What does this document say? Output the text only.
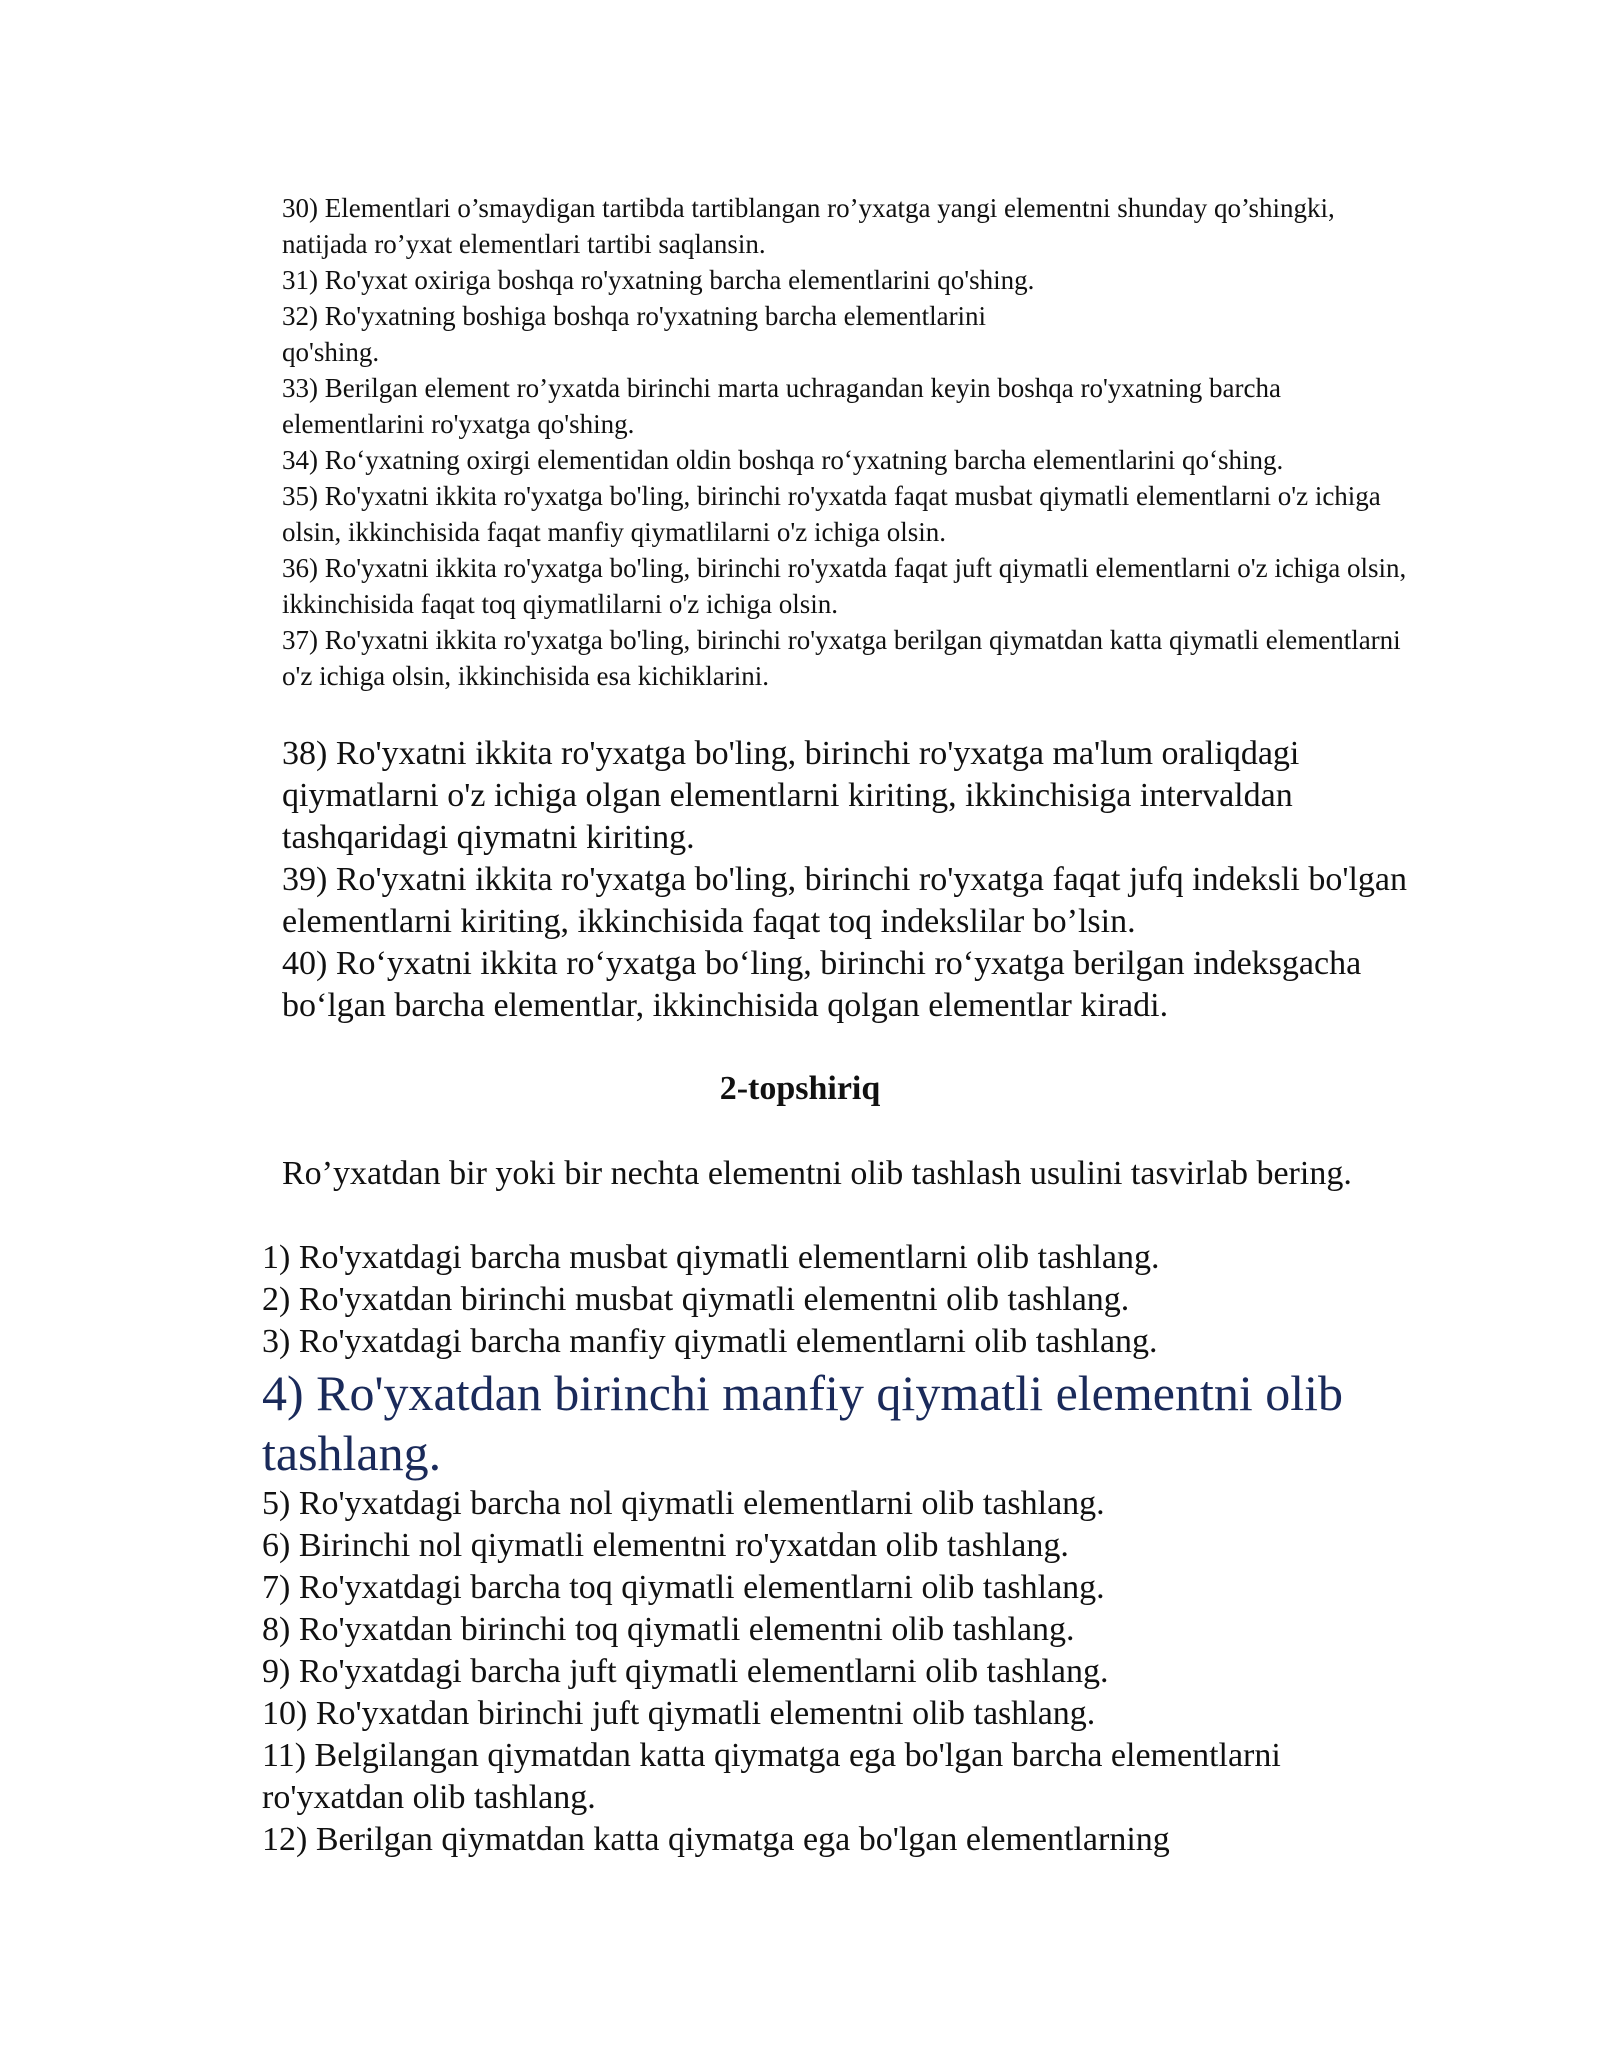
30) Elementlari o’smaydigan tartibda tartiblangan ro’yxatga yangi elementni shunday qo’shingki, natijada ro’yxat elementlari tartibi saqlansin.

31) Ro'yxat oxiriga boshqa ro'yxatning barcha elementlarini qo'shing.

32) Ro'yxatning boshiga boshqa ro'yxatning barcha elementlarini

qo'shing.

33) Berilgan element ro’yxatda birinchi marta uchragandan keyin boshqa ro'yxatning barcha elementlarini ro'yxatga qo'shing.

34) Ro‘yxatning oxirgi elementidan oldin boshqa ro‘yxatning barcha elementlarini qo‘shing.

35) Ro'yxatni ikkita ro'yxatga bo'ling, birinchi ro'yxatda faqat musbat qiymatli elementlarni o'z ichiga olsin, ikkinchisida faqat manfiy qiymatlilarni o'z ichiga olsin.

36) Ro'yxatni ikkita ro'yxatga bo'ling, birinchi ro'yxatda faqat juft qiymatli elementlarni o'z ichiga olsin, ikkinchisida faqat toq qiymatlilarni o'z ichiga olsin.

37) Ro'yxatni ikkita ro'yxatga bo'ling, birinchi ro'yxatga berilgan qiymatdan katta qiymatli elementlarni o'z ichiga olsin, ikkinchisida esa kichiklarini.

38) Ro'yxatni ikkita ro'yxatga bo'ling, birinchi ro'yxatga ma'lum oraliqdagi qiymatlarni o'z ichiga olgan elementlarni kiriting, ikkinchisiga intervaldan tashqaridagi qiymatni kiriting.

39) Ro'yxatni ikkita ro'yxatga bo'ling, birinchi ro'yxatga faqat jufq indeksli bo'lgan elementlarni kiriting, ikkinchisida faqat toq indekslilar bo’lsin.

40) Ro‘yxatni ikkita ro‘yxatga bo‘ling, birinchi ro‘yxatga berilgan indeksgacha bo‘lgan barcha elementlar, ikkinchisida qolgan elementlar kiradi.

2-topshiriq

Ro’yxatdan bir yoki bir nechta elementni olib tashlash usulini tasvirlab bering.

1) Ro'yxatdagi barcha musbat qiymatli elementlarni olib tashlang.

2) Ro'yxatdan birinchi musbat qiymatli elementni olib tashlang.

3) Ro'yxatdagi barcha manfiy qiymatli elementlarni olib tashlang.

4) Ro'yxatdan birinchi manfiy qiymatli elementni olib tashlang.

5) Ro'yxatdagi barcha nol qiymatli elementlarni olib tashlang.

6) Birinchi nol qiymatli elementni ro'yxatdan olib tashlang.

7) Ro'yxatdagi barcha toq qiymatli elementlarni olib tashlang.

8) Ro'yxatdan birinchi toq qiymatli elementni olib tashlang.

9) Ro'yxatdagi barcha juft qiymatli elementlarni olib tashlang.

10) Ro'yxatdan birinchi juft qiymatli elementni olib tashlang.

11) Belgilangan qiymatdan katta qiymatga ega bo'lgan barcha elementlarni ro'yxatdan olib tashlang.

12) Berilgan qiymatdan katta qiymatga ega bo'lgan elementlarning
